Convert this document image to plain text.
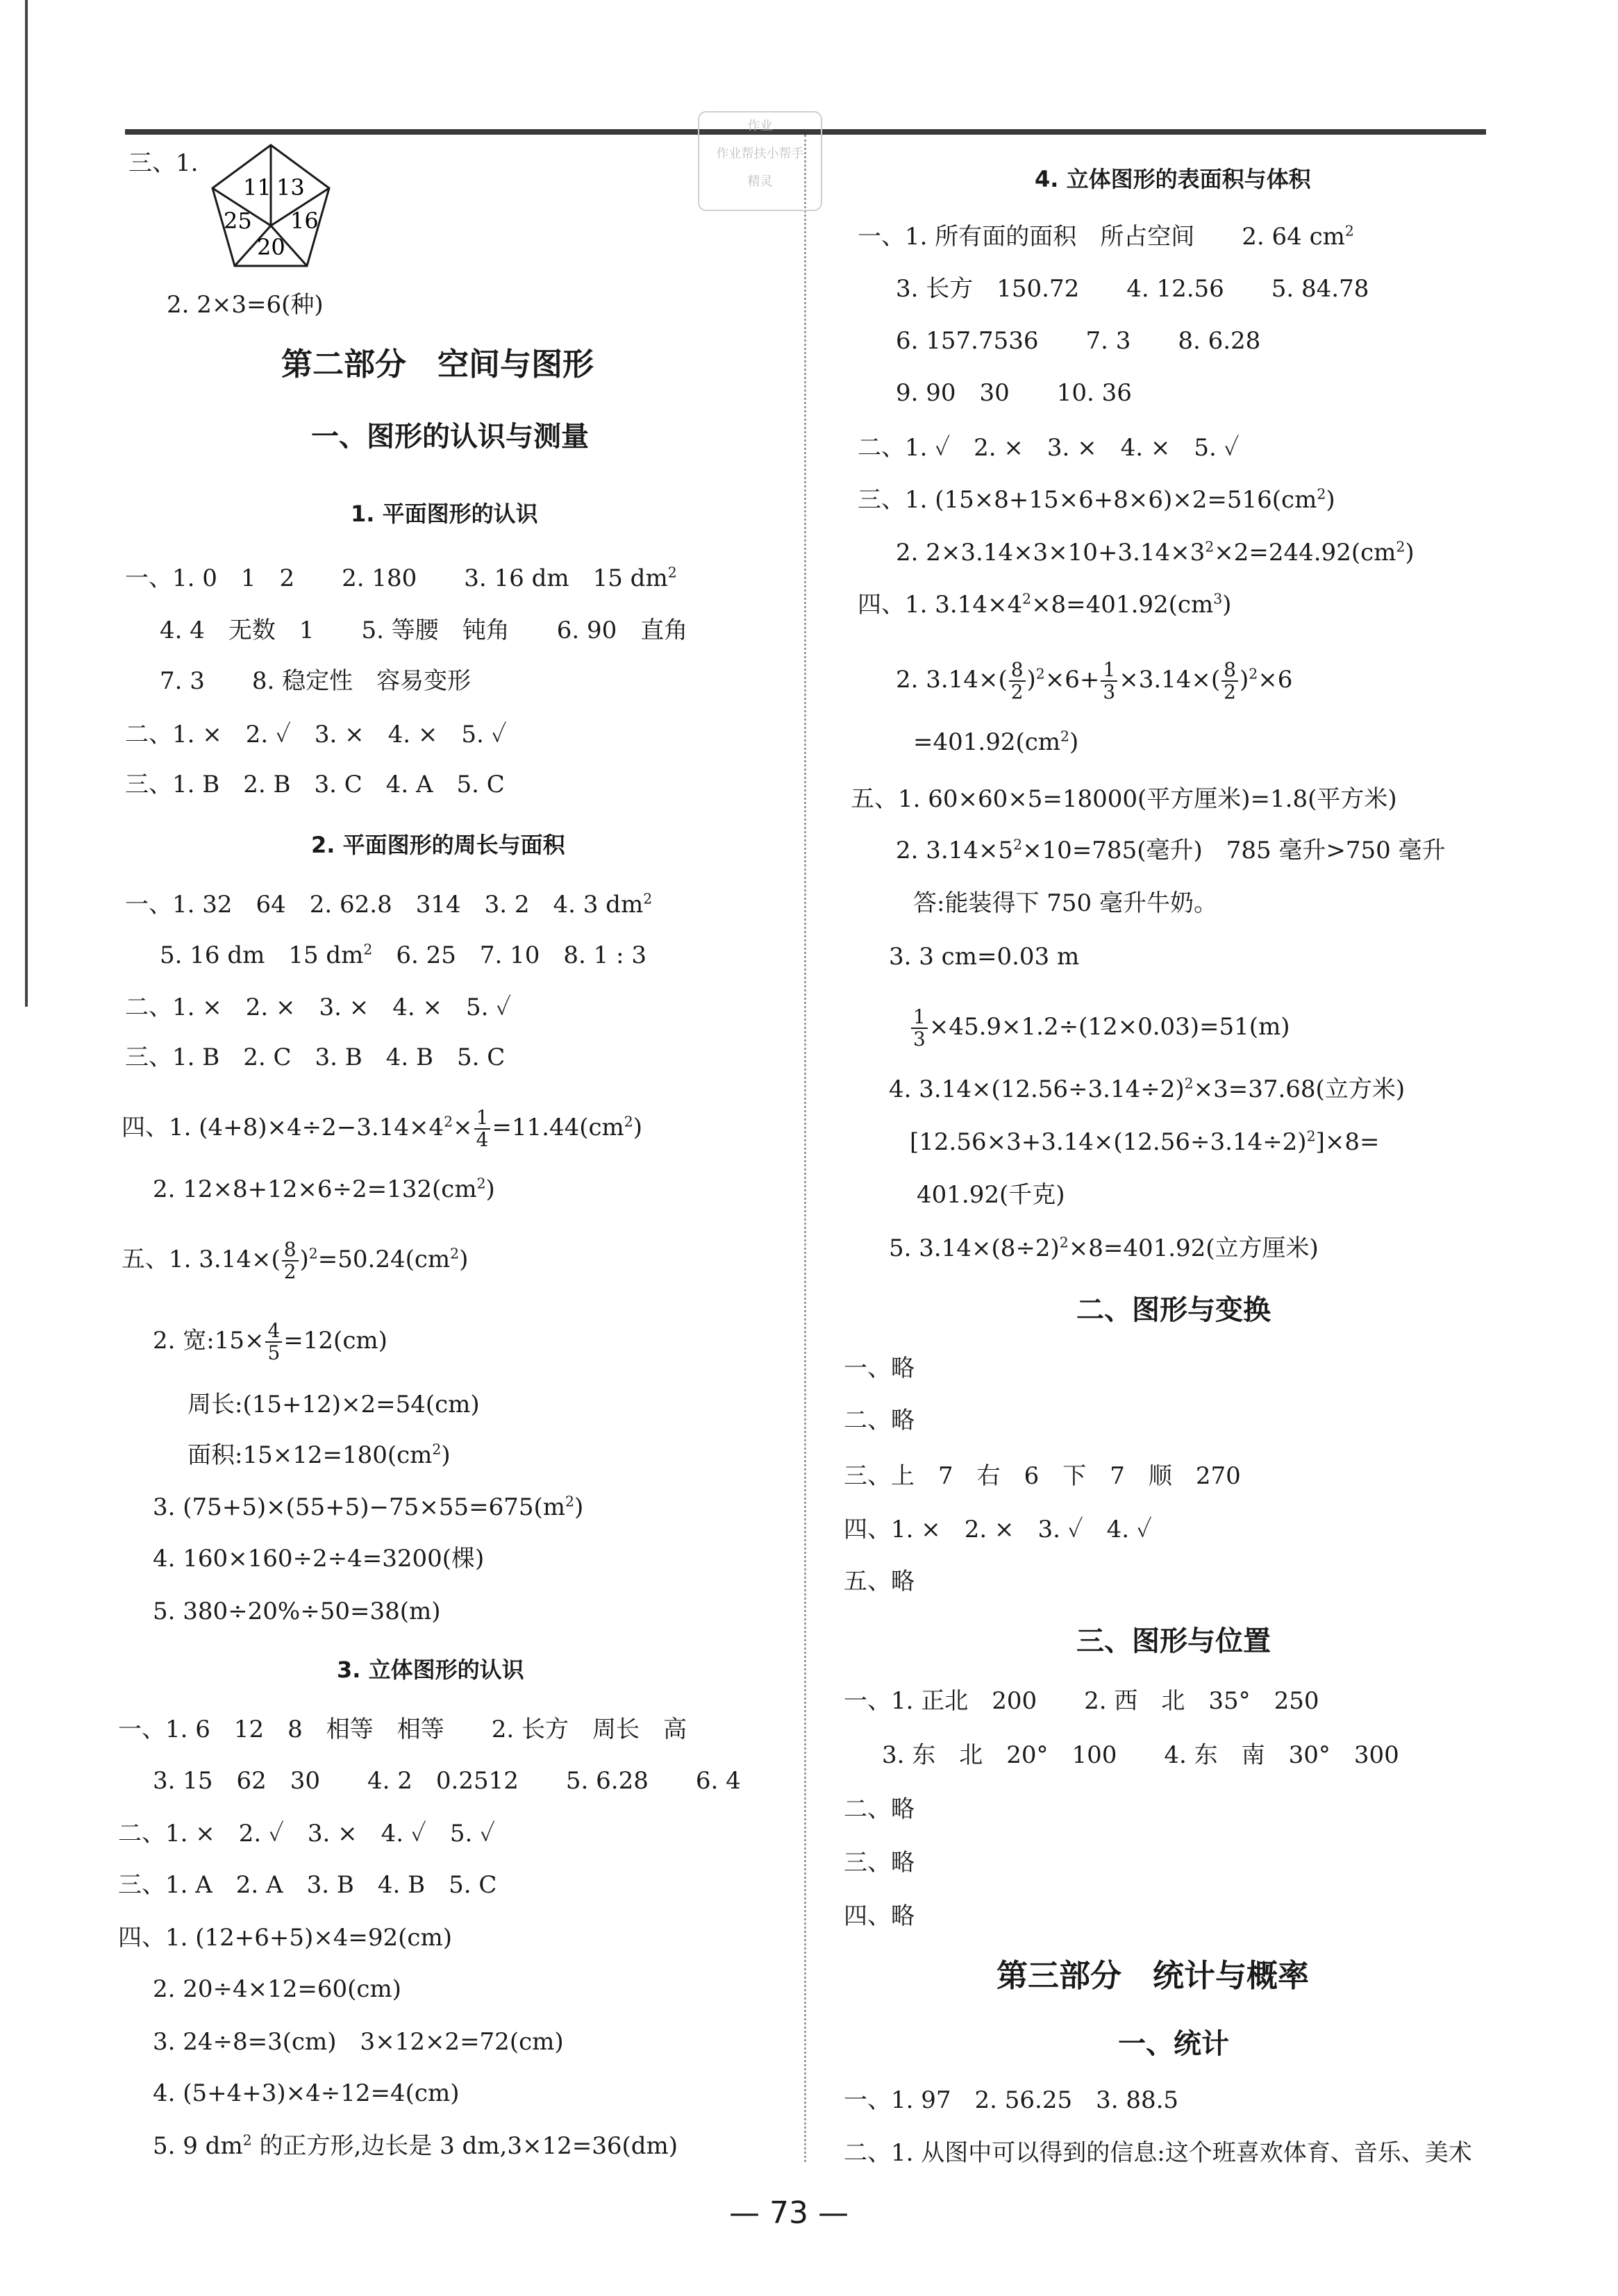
作业
作业帮扶小帮手
精灵
三、1.
11 13
25 16
20
2. 2×3=6(种)
第二部分　空间与图形
一、图形的认识与测量
1. 平面图形的认识
一、1. 0　1　2　　2. 180　　3. 16 dm　15 $dm^2$
4. 4　无数　1　　5. 等腰　钝角　　6. 90　直角
7. 3　　8. 稳定性　容易变形
二、1. ×　2. ✓　3. ×　4. ×　5. ✓
三、1. B　2. B　3. C　4. A　5. C
2. 平面图形的周长与面积
一、1. 32　64　2. 62.8　314　3. 2　4. 3 $dm^2$
5. 16 dm　15 $dm^2$　 6. 25　7. 10　8. 1 : 3
二、1. ×　2. ×　3. ×　4. ×　5. ✓
三、1. B　2. C　3. B　4. B　5. C
四、1. $(4+8)\times 4\div 2-3.14\times 4^2\times \frac{1}{4} =11.44(cm^2)$
2. $12\times 8+12\times 6\div 2=132(cm^2)$
五、1. $3.14\times( \frac{8}{2} )^2=50.24(cm^2)$
2. 宽:15× $\frac{4}{5} =12(cm)$
周长:(15+12)×2=54(cm)
面积$:15\times 12=180(cm^2)$
3. $(75+5)\times(55+5)-75\times 55=675(m^2)$
4. 160×160÷2÷4=3200(棵)
5. 380÷20%÷50=38(m)
3. 立体图形的认识
一、1. 6　12　8　相等　相等　　2. 长方　周长　高
3. 15　62　30　　4. 2　0.2512　　5. 6.28　　6. 4
二、1. ×　2. ✓　3. ×　4. ✓　5. ✓
三、1. A　2. A　3. B　4. B　5. C
四、1. (12+6+5)×4=92(cm)
2. 20÷4×12=60(cm)
3. 24÷8=3(cm)　3×12×2=72(cm)
4. (5+4+3)×4÷12=4(cm)
5. 9 $dm^2$ 的正方形,边长是 3 dm,3×12=36(dm)
4. 立体图形的表面积与体积
一、1. 所有面的面积　所占空间　　2. 64 $cm^2$
3. 长方　150.72　　4. 12.56　　5. 84.78
6. 157.7536　　7. 3　　8. 6.28
9. 90　30　　10. 36
二、1. ✓　2. ×　3. ×　4. ×　5. ✓
三、1. $(15\times 8+15\times 6+8\times 6)\times 2=516(cm^2)$
2. $2\times 3.14\times 3\times 10+3.14\times 3^2\times 2=244.92(cm^2)$
四、1. $3.14\times 4^2\times 8=401.92(cm^3)$
2. $3.14\times( \frac{8}{2} )^2\times 6+ \frac{1}{3} \times 3.14\times( \frac{8}{2} )^2\times 6$
$=401.92(cm^2)$
五、1. 60×60×5=18000(平方厘米)=1.8(平方米)
2. $3.14\times 5^2\times 10=785$(毫升)　785 毫升>750 毫升
答:能装得下 750 毫升牛奶。
3. 3 cm=0.03 m
$\frac{1}{3} \times 45.9\times 1.2\div(12\times 0.03)=51(m)$
4. $3.14\times(12.56\div 3.14\div 2)^2\times 3=37.68$(立方米)
$[12.56\times 3+3.14\times(12.56\div 3.14\div 2)^2]\times 8=$
401.92(千克)
5. $3.14\times(8\div 2)^2\times 8=401.92$(立方厘米)
二、图形与变换
一、略
二、略
三、上　7　右　6　下　7　顺　270
四、1. ×　2. ×　3. ✓　4. ✓
五、略
三、图形与位置
一、1. 正北　200　　2. 西　北　35°　250
3. 东　北　20°　100　　4. 东　南　30°　300
二、略
三、略
四、略
第三部分　统计与概率
一、统计
一、1. 97　2. 56.25　3. 88.5
二、1. 从图中可以得到的信息:这个班喜欢体育、音乐、美术
— 73 —
